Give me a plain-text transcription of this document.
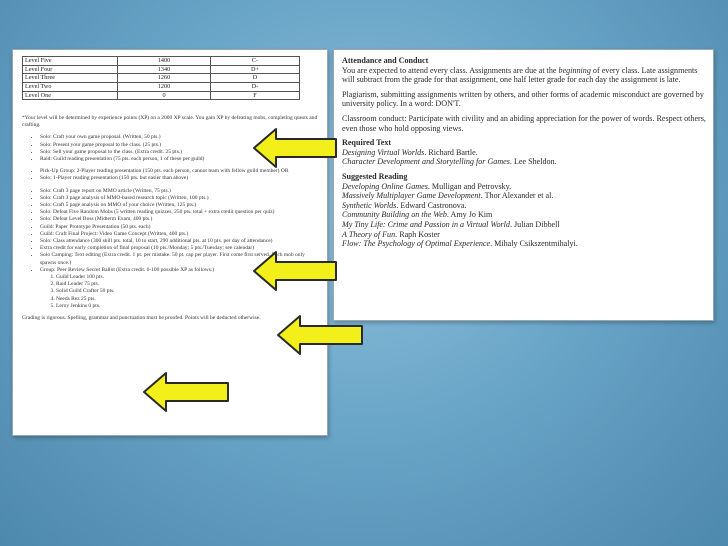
Level Five	1400	C-
Level Four	1340	D+
Level Three	1260	D
Level Two	1200	D-
Level One	0	F

*Your level will be determined by experience points (XP) on a 2000 XP scale. You gain XP by defeating mobs, completing quests and crafting.

• Solo: Craft your own game proposal. (Written, 50 pts.)
• Solo: Present your game proposal to the class. (25 pts.)
• Solo: Sell your game proposal to the class. (Extra credit. 25 pts.)
• Raid: Guild reading presentation (75 pts. each person, 1 of these per guild)
• Pick-Up Group: 2-Player reading presentation (150 pts. each person, cannot team with fellow guild member) OR
• Solo: 1-Player reading presentation (150 pts. but easier than above)
• Solo: Craft 3 page report on MMO article (Written, 75 pts.)
• Solo: Craft 3 page analysis of MMO-based research topic (Written, 100 pts.)
• Solo: Craft 5 page analysis on MMO of your choice (Written, 125 pts.)
• Solo: Defeat Five Random Mobs (5 written reading quizzes, 250 pts. total + extra credit question per quiz)
• Solo: Defeat Level Boss (Midterm Exam, 400 pts.)
• Guild: Paper Prototype Presentation (50 pts. each)
• Guild: Craft Final Project: Video Game Concept (Written, 400 pts.)
• Solo: Class attendance (300 skill pts. total, 10 to start, 290 additional pts. at 10 pts. per day of attendance)
• Extra credit for early completion of final proposal (10 pts./Monday; 5 pts./Tuesday; see calendar)
• Solo Camping: Text editing (Extra credit. 1 pt. per mistake. 50 pt. cap per player. First come first served. Each mob only spawns once.)
• Group: Peer Review Secret Ballot (Extra credit. 0-100 possible XP as follows:)
1. Guild Leader 100 pts.
2. Raid Leader 75 pts.
3. Solid Guild Crafter 50 pts.
4. Needs Rez 25 pts.
5. Leroy Jenkins 0 pts.

Grading is rigorous. Spelling, grammar and punctuation must be proofed. Points will be deducted otherwise.

Attendance and Conduct

You are expected to attend every class. Assignments are due at the beginning of every class. Late assignments will subtract from the grade for that assignment, one half letter grade for each day the assignment is late.

Plagiarism, submitting assignments written by others, and other forms of academic misconduct are governed by university policy. In a word: DON'T.

Classroom conduct: Participate with civility and an abiding appreciation for the power of words. Respect others, even those who hold opposing views.

Required Text

Designing Virtual Worlds. Richard Bartle.

Character Development and Storytelling for Games. Lee Sheldon.

Suggested Reading

Developing Online Games. Mulligan and Petrovsky.

Massively Multiplayer Game Development. Thor Alexander et al.

Synthetic Worlds. Edward Castronova.

Community Building on the Web. Amy Jo Kim

My Tiny Life: Crime and Passion in a Virtual World. Julian Dibbell

A Theory of Fun. Raph Koster

Flow: The Psychology of Optimal Experience. Mihaly Csikszentmihalyi.
